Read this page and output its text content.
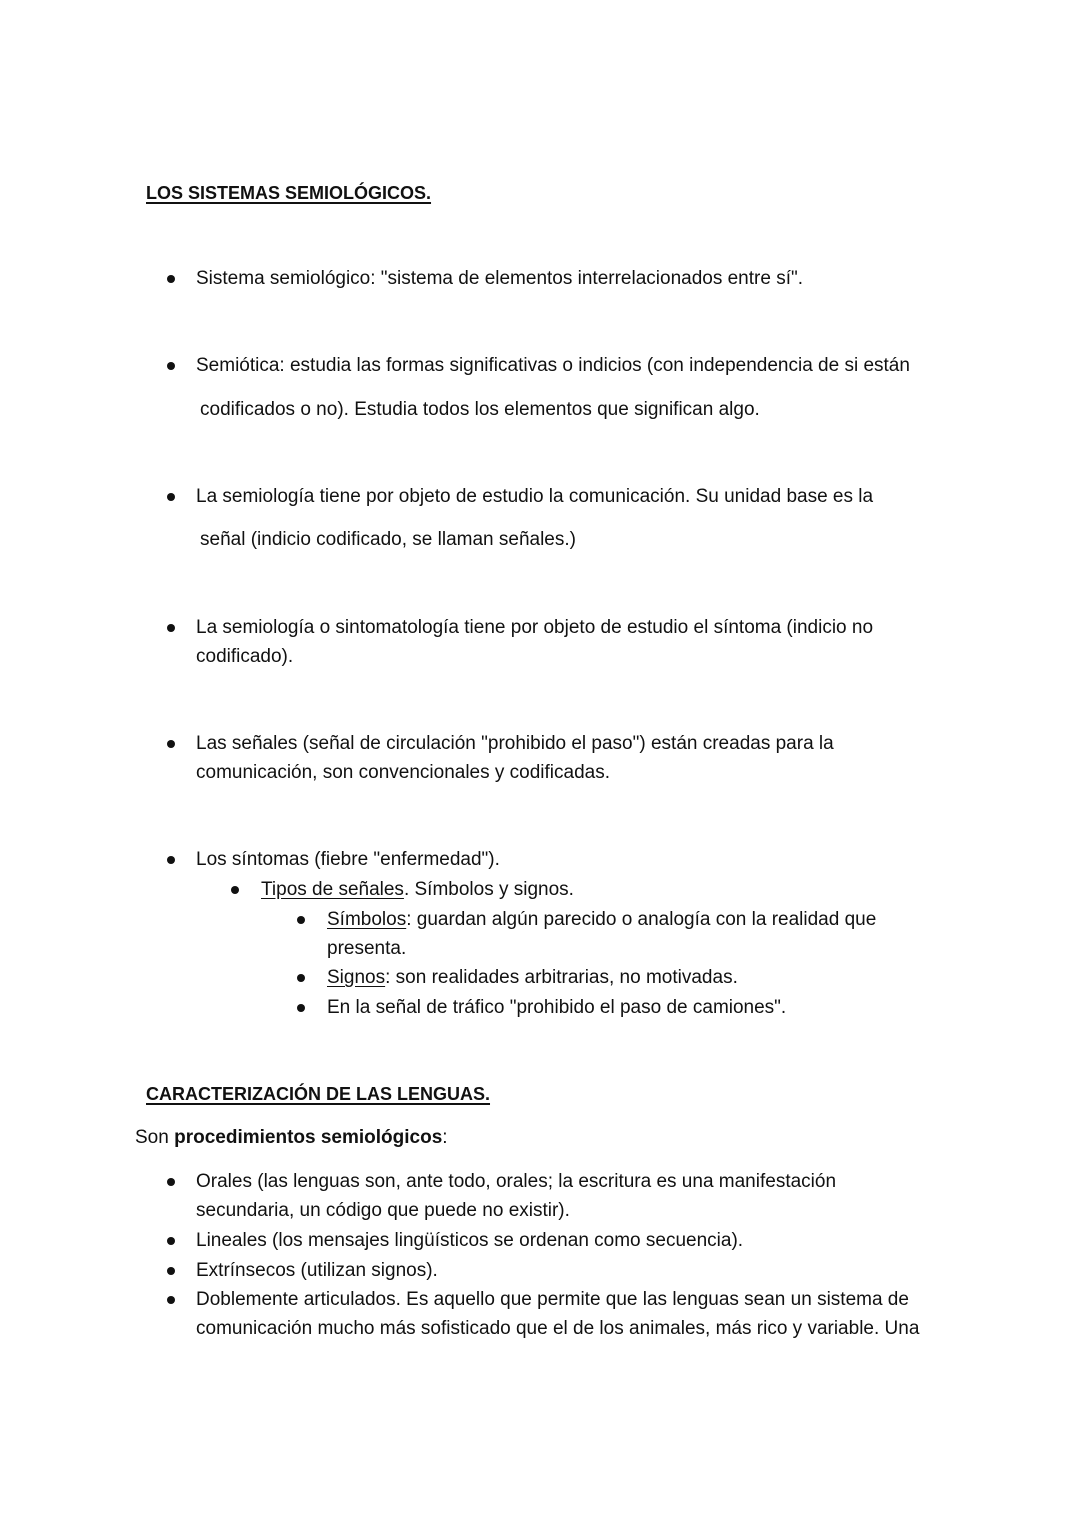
LOS SISTEMAS SEMIOLÓGICOS.
Sistema semiológico: "sistema de elementos interrelacionados entre sí".
Semiótica: estudia las formas significativas o indicios (con independencia de si están
codificados o no). Estudia todos los elementos que significan algo.
La semiología tiene por objeto de estudio la comunicación. Su unidad base es la
señal (indicio codificado, se llaman señales.)
La semiología o sintomatología tiene por objeto de estudio el síntoma (indicio no
codificado).
Las señales (señal de circulación "prohibido el paso") están creadas para la
comunicación, son convencionales y codificadas.
Los síntomas (fiebre "enfermedad").
Tipos de señales. Símbolos y signos.
Símbolos: guardan algún parecido o analogía con la realidad que
presenta.
Signos: son realidades arbitrarias, no motivadas.
En la señal de tráfico "prohibido el paso de camiones".
CARACTERIZACIÓN DE LAS LENGUAS.
Son procedimientos semiológicos:
Orales (las lenguas son, ante todo, orales; la escritura es una manifestación
secundaria, un código que puede no existir).
Lineales (los mensajes lingüísticos se ordenan como secuencia).
Extrínsecos (utilizan signos).
Doblemente articulados. Es aquello que permite que las lenguas sean un sistema de
comunicación mucho más sofisticado que el de los animales, más rico y variable. Una
